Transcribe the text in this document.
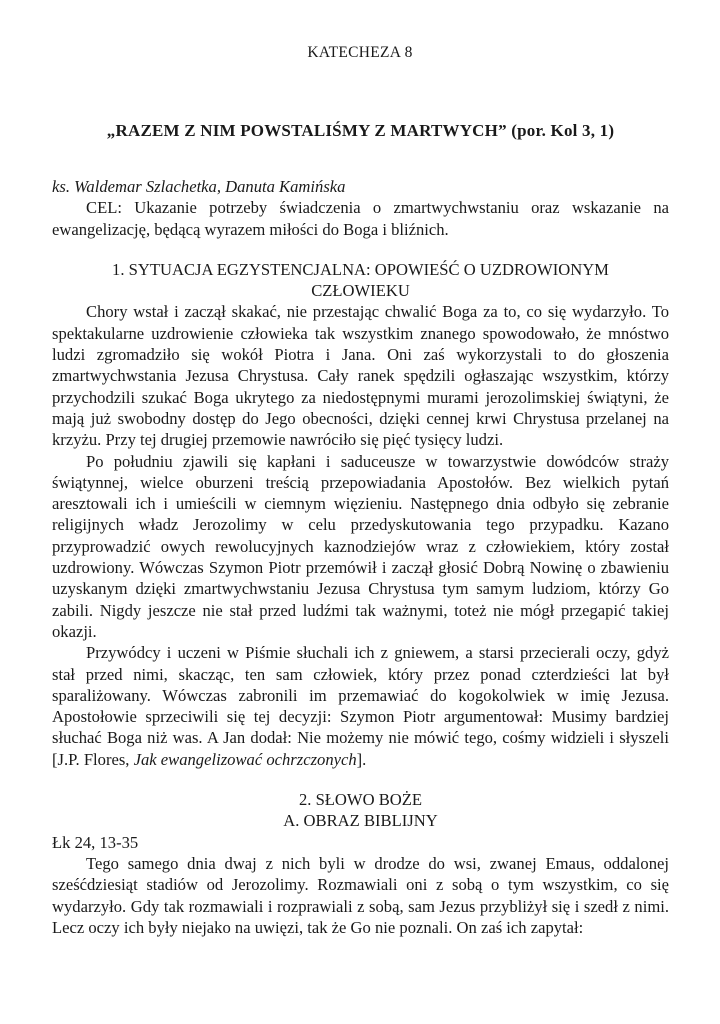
KATECHEZA 8
„RAZEM Z NIM POWSTALIŚMY Z MARTWYCH” (por. Kol 3, 1)

ks. Waldemar Szlachetka, Danuta Kamińska

CEL: Ukazanie potrzeby świadczenia o zmartwychwstaniu oraz wskazanie na ewangelizację, będącą wyrazem miłości do Boga i bliźnich.

1. SYTUACJA EGZYSTENCJALNA: OPOWIEŚĆ O UZDROWIONYM
CZŁOWIEKU

Chory wstał i zaczął skakać, nie przestając chwalić Boga za to, co się wydarzyło. To spektakularne uzdrowienie człowieka tak wszystkim znanego spowodowało, że mnóstwo ludzi zgromadziło się wokół Piotra i Jana. Oni zaś wykorzystali to do głoszenia zmartwychwstania Jezusa Chrystusa. Cały ranek spędzili ogłaszając wszystkim, którzy przychodzili szukać Boga ukrytego za niedostępnymi murami jerozolimskiej świątyni, że mają już swobodny dostęp do Jego obecności, dzięki cennej krwi Chrystusa przelanej na krzyżu. Przy tej drugiej przemowie nawróciło się pięć tysięcy ludzi.

Po południu zjawili się kapłani i saduceusze w towarzystwie dowódców straży świątynnej, wielce oburzeni treścią przepowiadania Apostołów. Bez wielkich pytań aresztowali ich i umieścili w ciemnym więzieniu. Następnego dnia odbyło się zebranie religijnych władz Jerozolimy w celu przedyskutowania tego przypadku. Kazano przyprowadzić owych rewolucyjnych kaznodziejów wraz z człowiekiem, który został uzdrowiony. Wówczas Szymon Piotr przemówił i zaczął głosić Dobrą Nowinę o zbawieniu uzyskanym dzięki zmartwychwstaniu Jezusa Chrystusa tym samym ludziom, którzy Go zabili. Nigdy jeszcze nie stał przed ludźmi tak ważnymi, toteż nie mógł przegapić takiej okazji.

Przywódcy i uczeni w Piśmie słuchali ich z gniewem, a starsi przecierali oczy, gdyż stał przed nimi, skacząc, ten sam człowiek, który przez ponad czterdzieści lat był sparaliżowany. Wówczas zabronili im przemawiać do kogokolwiek w imię Jezusa. Apostołowie sprzeciwili się tej decyzji: Szymon Piotr argumentował: Musimy bardziej słuchać Boga niż was. A Jan dodał: Nie możemy nie mówić tego, cośmy widzieli i słyszeli [J.P. Flores, Jak ewangelizować ochrzczonych].

2. SŁOWO BOŻE

A. OBRAZ BIBLIJNY

Łk 24, 13-35

Tego samego dnia dwaj z nich byli w drodze do wsi, zwanej Emaus, oddalonej sześćdziesiąt stadiów od Jerozolimy. Rozmawiali oni z sobą o tym wszystkim, co się wydarzyło. Gdy tak rozmawiali i rozprawiali z sobą, sam Jezus przybliżył się i szedł z nimi. Lecz oczy ich były niejako na uwięzi, tak że Go nie poznali. On zaś ich zapytał:
